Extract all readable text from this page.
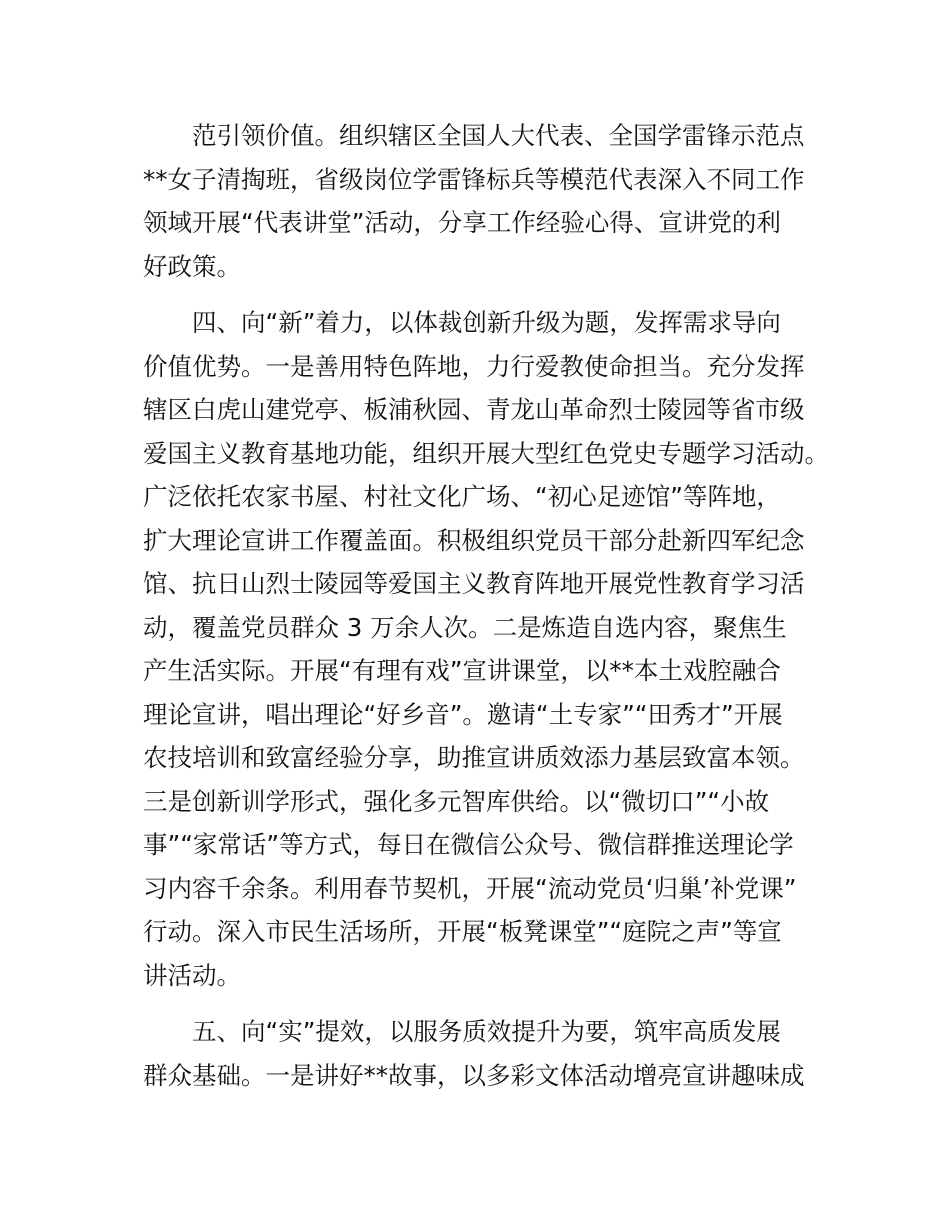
范引领价值。组织辖区全国人大代表、全国学雷锋示范点
**女子清掏班，省级岗位学雷锋标兵等模范代表深入不同工作
领域开展“代表讲堂”活动，分享工作经验心得、宣讲党的利
好政策。
四、向“新”着力，以体裁创新升级为题，发挥需求导向
价值优势。一是善用特色阵地，力行爱教使命担当。充分发挥
辖区白虎山建党亭、板浦秋园、青龙山革命烈士陵园等省市级
爱国主义教育基地功能，组织开展大型红色党史专题学习活动。
广泛依托农家书屋、村社文化广场、“初心足迹馆”等阵地，
扩大理论宣讲工作覆盖面。积极组织党员干部分赴新四军纪念
馆、抗日山烈士陵园等爱国主义教育阵地开展党性教育学习活
动，覆盖党员群众 3 万余人次。二是炼造自选内容，聚焦生
产生活实际。开展“有理有戏”宣讲课堂，以**本土戏腔融合
理论宣讲，唱出理论“好乡音”。邀请“土专家”“田秀才”开展
农技培训和致富经验分享，助推宣讲质效添力基层致富本领。
三是创新训学形式，强化多元智库供给。以“微切口”“小故
事”“家常话”等方式，每日在微信公众号、微信群推送理论学
习内容千余条。利用春节契机，开展“流动党员‘归巢’补党课”
行动。深入市民生活场所，开展“板凳课堂”“庭院之声”等宣
讲活动。
五、向“实”提效，以服务质效提升为要，筑牢高质发展
群众基础。一是讲好**故事，以多彩文体活动增亮宣讲趣味成
